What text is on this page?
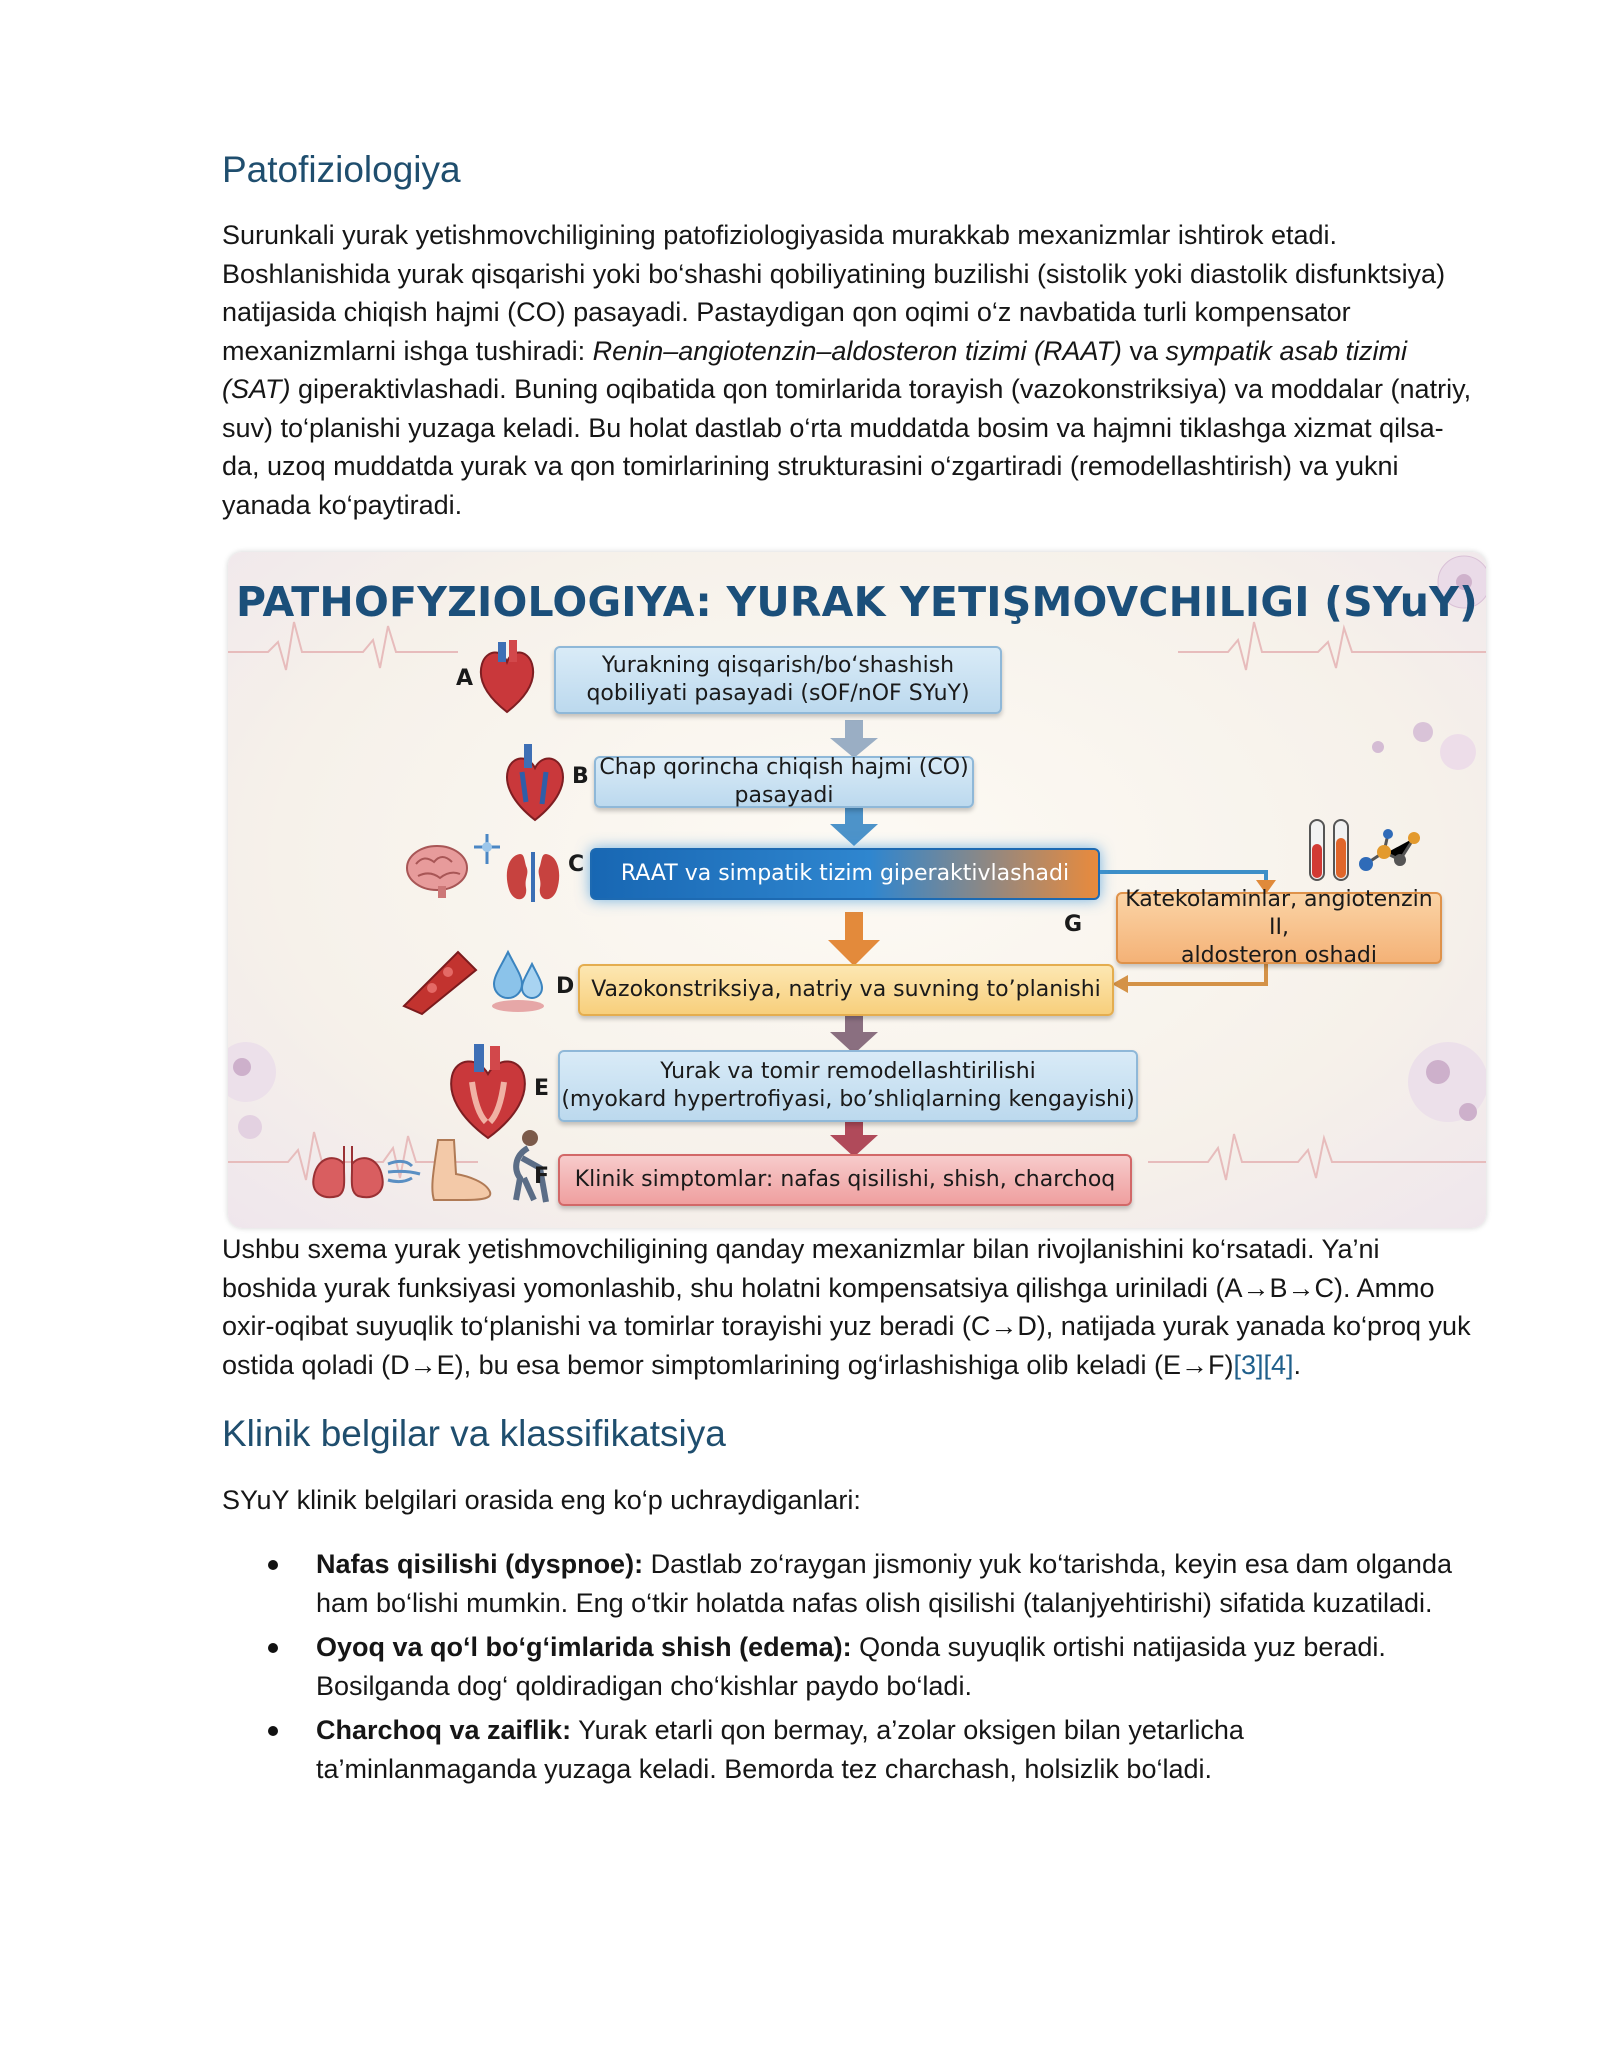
Patofiziologiya

Surunkali yurak yetishmovchiligining patofiziologiyasida murakkab mexanizmlar ishtirok etadi. Boshlanishida yurak qisqarishi yoki bo‘shashi qobiliyatining buzilishi (sistolik yoki diastolik disfunktsiya) natijasida chiqish hajmi (CO) pasayadi. Pastaydigan qon oqimi o‘z navbatida turli kompensator mexanizmlarni ishga tushiradi: Renin–angiotenzin–aldosteron tizimi (RAAT) va sympatik asab tizimi (SAT) giperaktivlashadi. Buning oqibatida qon tomirlarida torayish (vazokonstriksiya) va moddalar (natriy, suv) to‘planishi yuzaga keladi. Bu holat dastlab o‘rta muddatda bosim va hajmni tiklashga xizmat qilsa-da, uzoq muddatda yurak va qon tomirlarining strukturasini o‘zgartiradi (remodellashtirish) va yukni yanada ko‘paytiradi.

PATHOFYZIOLOGIYA: YURAK YETIŞMOVCHILIGI (SYuY)
A
Yurakning qisqarish/bo‘shashish qobiliyati pasayadi (sOF/nOF SYuY)
B Chap qorincha chiqish hajmi (CO) pasayadi
C RAAT va simpatik tizim giperaktivlashadi
G
Katekolaminlar, angiotenzin II,
aldosteron oshadi
D Vazokonstriksiya, natriy va suvning to’planishi
E
Yurak va tomir remodellashtirilishi
(myokard hypertrofiyasi, bo’shliqlarning kengayishi)
F Klinik simptomlar: nafas qisilishi, shish, charchoq

Ushbu sxema yurak yetishmovchiligining qanday mexanizmlar bilan rivojlanishini ko‘rsatadi. Ya’ni boshida yurak funksiyasi yomonlashib, shu holatni kompensatsiya qilishga uriniladi (A→B→C). Ammo oxir-oqibat suyuqlik to‘planishi va tomirlar torayishi yuz beradi (C→D), natijada yurak yanada ko‘proq yuk ostida qoladi (D→E), bu esa bemor simptomlarining og‘irlashishiga olib keladi (E→F)[3][4].

Klinik belgilar va klassifikatsiya

SYuY klinik belgilari orasida eng ko‘p uchraydiganlari:

Nafas qisilishi (dyspnoe): Dastlab zo‘raygan jismoniy yuk ko‘tarishda, keyin esa dam olganda ham bo‘lishi mumkin. Eng o‘tkir holatda nafas olish qisilishi (talanjyehtirishi) sifatida kuzatiladi.
Oyoq va qo‘l bo‘g‘imlarida shish (edema): Qonda suyuqlik ortishi natijasida yuz beradi. Bosilganda dog‘ qoldiradigan cho‘kishlar paydo bo‘ladi.
Charchoq va zaiflik: Yurak etarli qon bermay, a’zolar oksigen bilan yetarlicha ta’minlanmaganda yuzaga keladi. Bemorda tez charchash, holsizlik bo‘ladi.
